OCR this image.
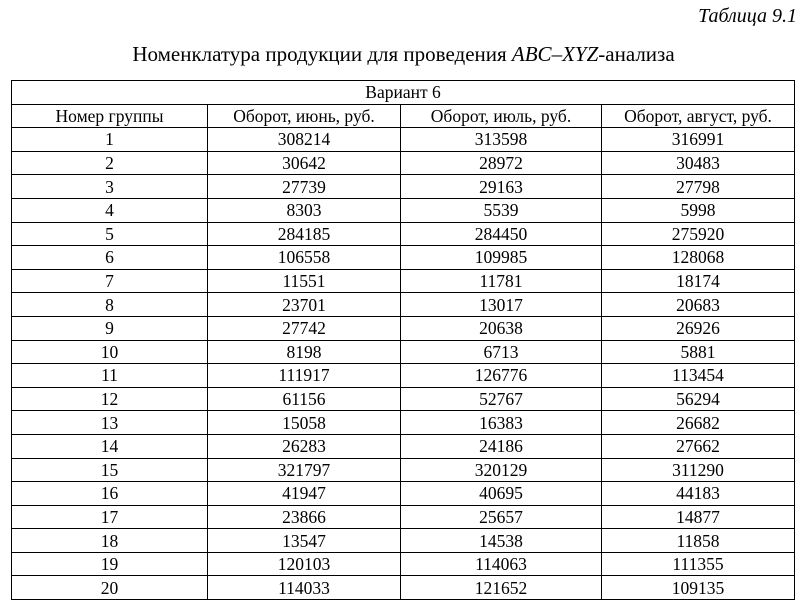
Таблица 9.1
Номенклатура продукции для проведения ABC–XYZ-анализа
Вариант 6			
Номер группы	Оборот, июнь, руб.	Оборот, июль, руб.	Оборот, август, руб.
1	308214	313598	316991
2	30642	28972	30483
3	27739	29163	27798
4	8303	5539	5998
5	284185	284450	275920
6	106558	109985	128068
7	11551	11781	18174
8	23701	13017	20683
9	27742	20638	26926
10	8198	6713	5881
11	111917	126776	113454
12	61156	52767	56294
13	15058	16383	26682
14	26283	24186	27662
15	321797	320129	311290
16	41947	40695	44183
17	23866	25657	14877
18	13547	14538	11858
19	120103	114063	111355
20	114033	121652	109135
